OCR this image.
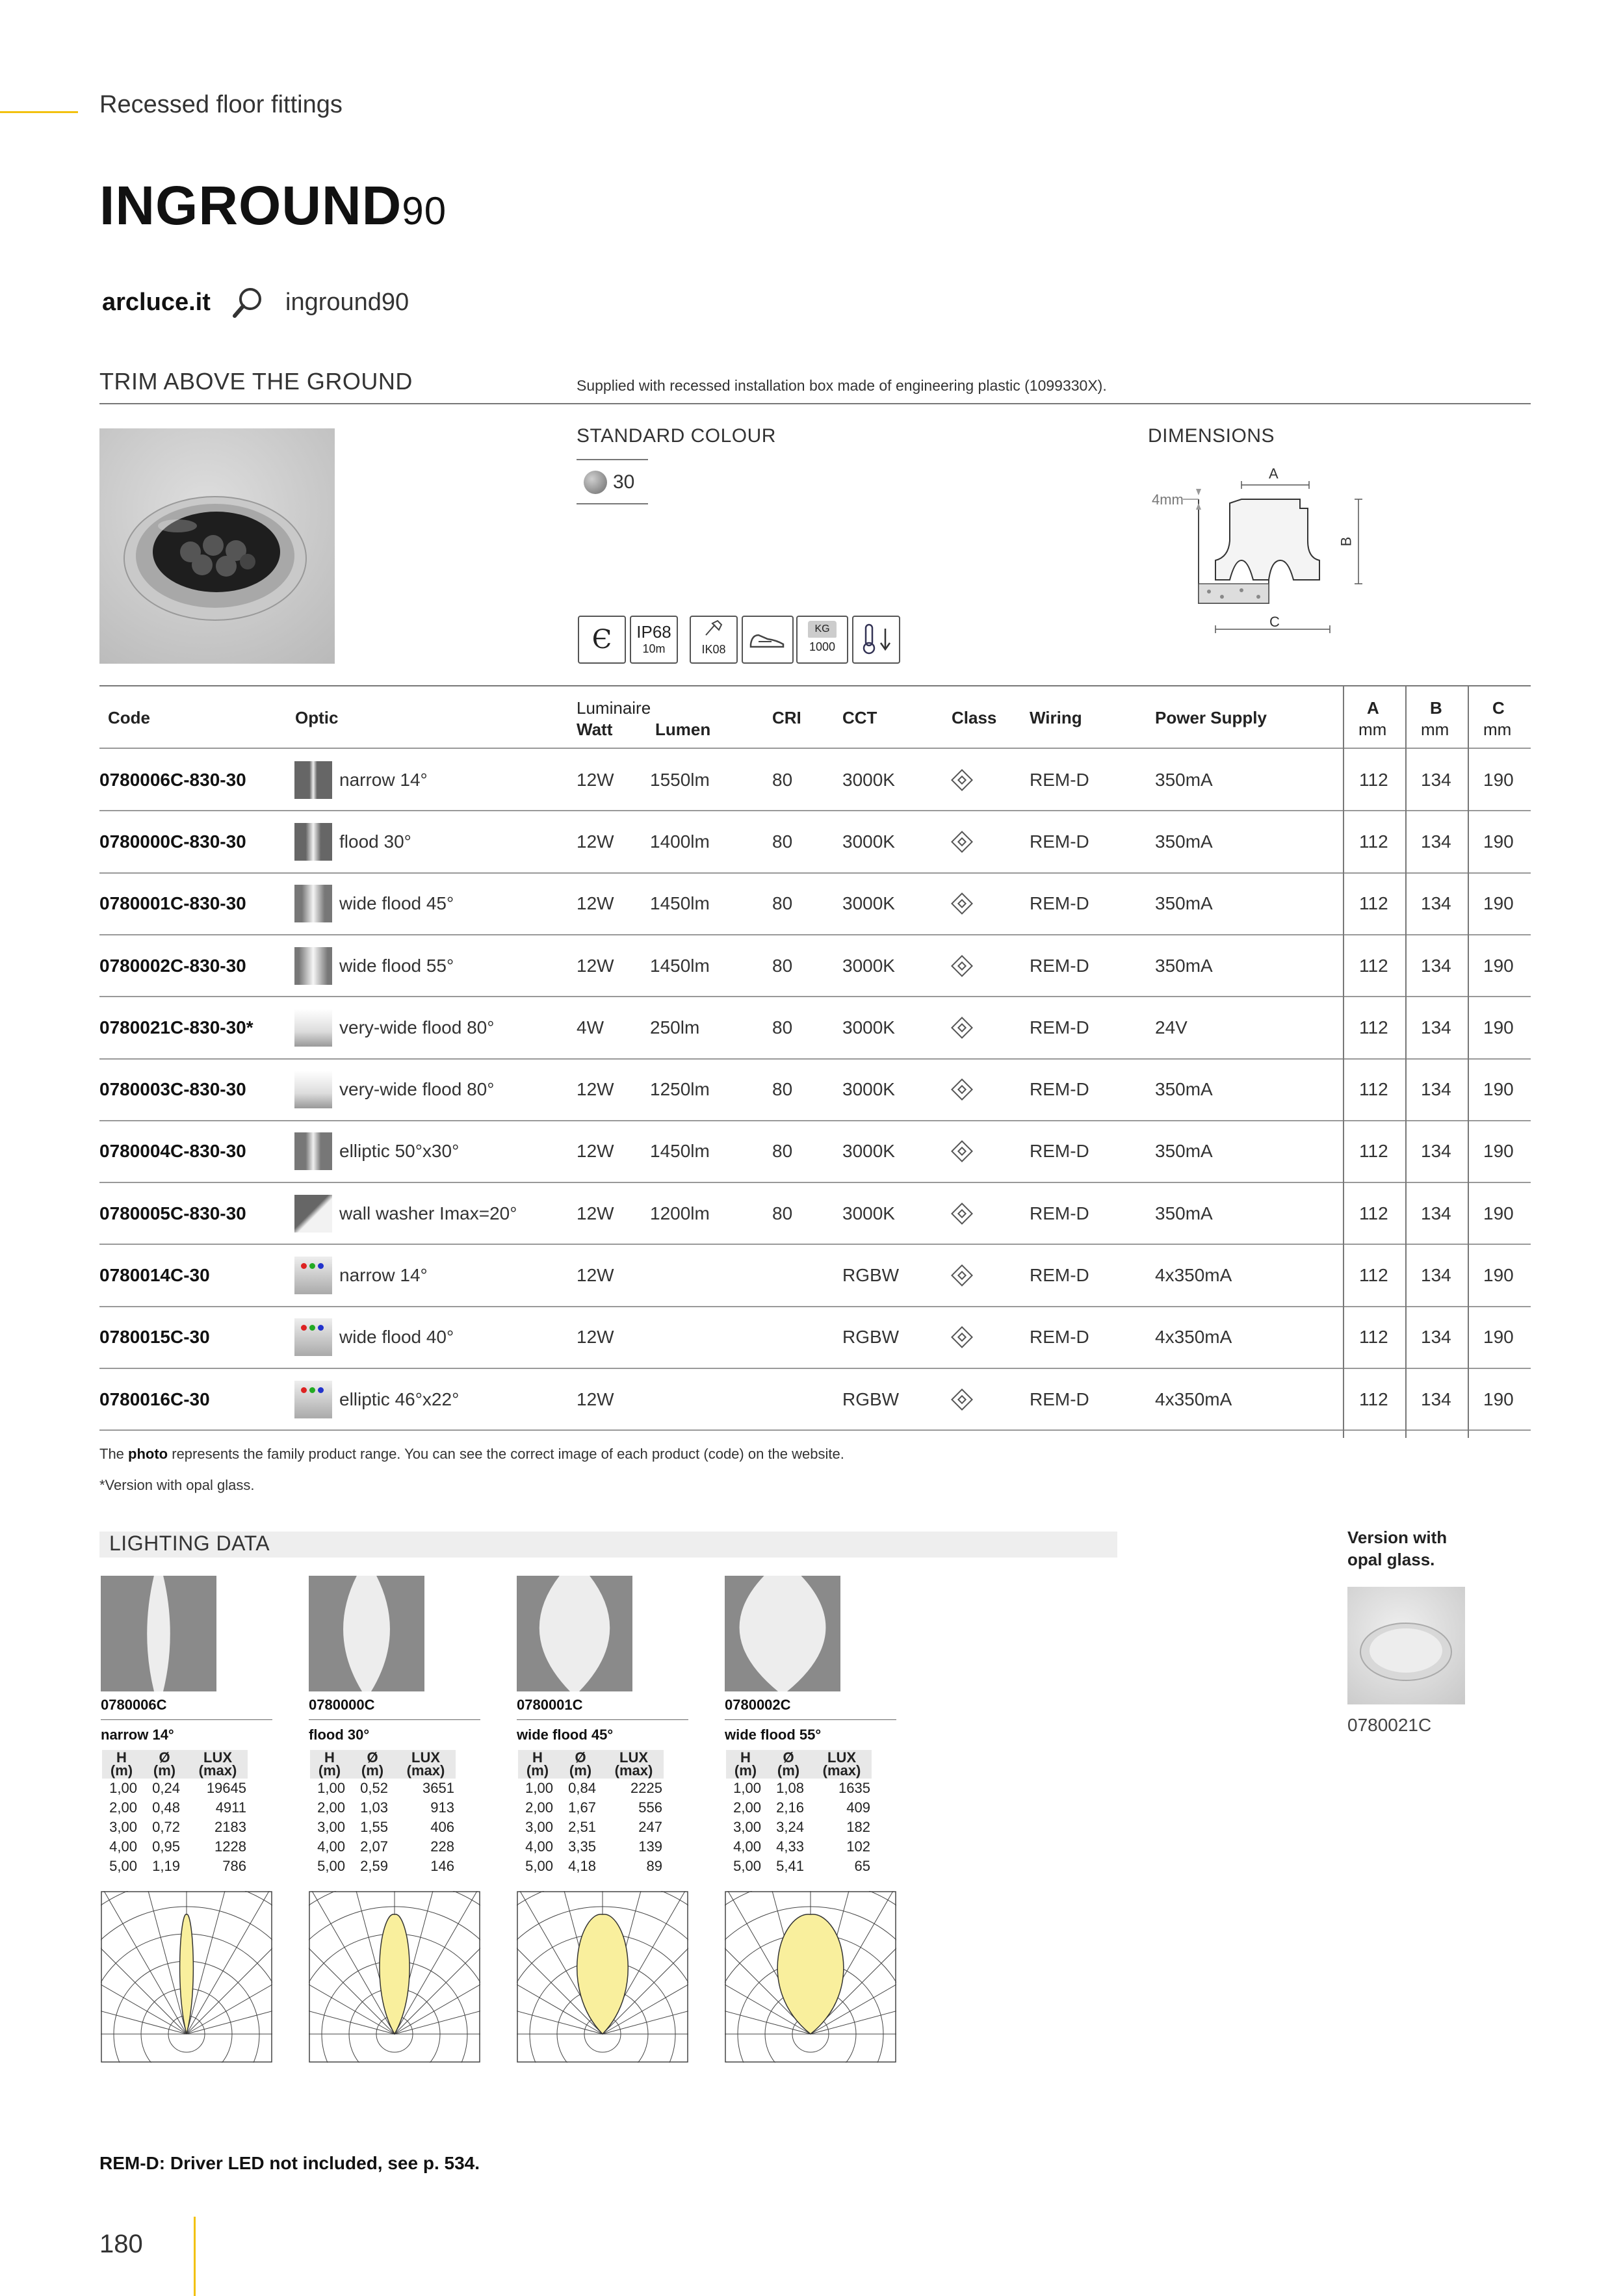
Recessed floor fittings
INGROUND90
arcluce.it	inground90
TRIM ABOVE THE GROUND	Supplied with recessed installation box made of engineering plastic (1099330X).
STANDARD COLOUR
30
Є	IP68
10m	IK08
KG
1000
DIMENSIONS
A
4mm
B
C
Code	Optic	Luminaire
Watt	Lumen
CRI CCT	Class Wiring	Power Supply	A
mm
B
mm
C
mm
0780006C-830-30	narrow 14°	12W 1550lm	80	3000K	REM-D	350mA	112 134 190
0780000C-830-30	flood 30°	12W 1400lm	80	3000K	REM-D	350mA	112 134 190
0780001C-830-30	wide flood 45°	12W 1450lm	80	3000K	REM-D	350mA	112 134 190
0780002C-830-30	wide flood 55°	12W 1450lm	80	3000K	REM-D	350mA	112 134 190
0780021C-830-30*	very-wide flood 80°	4W	250lm	80	3000K	REM-D	24V	112 134 190
0780003C-830-30	very-wide flood 80°	12W 1250lm	80	3000K	REM-D	350mA	112 134 190
0780004C-830-30	elliptic 50°x30°	12W 1450lm	80	3000K	REM-D	350mA	112 134 190
0780005C-830-30	wall washer Imax=20°	12W 1200lm	80	3000K	REM-D	350mA	112 134 190
0780014C-30	narrow 14°	12W	RGBW	REM-D	4x350mA	112 134 190
0780015C-30	wide flood 40°	12W	RGBW	REM-D	4x350mA	112 134 190
0780016C-30	elliptic 46°x22°	12W	RGBW	REM-D	4x350mA	112 134 190
The photo represents the family product range. You can see the correct image of each product (code) on the website.
*Version with opal glass.
LIGHTING DATA
0780006C
narrow 14°
H
(m)	Ø
(m)	LUX
(max)
1,00	0,24	19645
2,00	0,48	4911
3,00	0,72	2183
4,00	0,95	1228
5,00	1,19	786
0780000C
flood 30°
H
(m)	Ø
(m)	LUX
(max)
1,00	0,52	3651
2,00	1,03	913
3,00	1,55	406
4,00	2,07	228
5,00	2,59	146
0780001C
wide flood 45°
H
(m)	Ø
(m)	LUX
(max)
1,00	0,84	2225
2,00	1,67	556
3,00	2,51	247
4,00	3,35	139
5,00	4,18	89
0780002C
wide flood 55°
H
(m)	Ø
(m)	LUX
(max)
1,00	1,08	1635
2,00	2,16	409
3,00	3,24	182
4,00	4,33	102
5,00	5,41	65
Version with opal glass.
0780021C
REM-D: Driver LED not included, see p. 534.
180
